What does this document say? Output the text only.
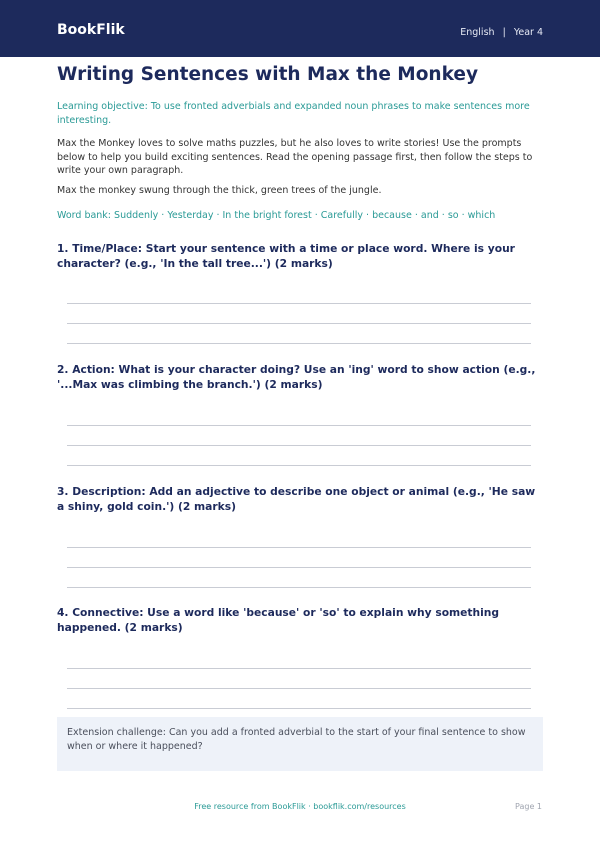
BookFlik	English | Year 4
Writing Sentences with Max the Monkey
Learning objective: To use fronted adverbials and expanded noun phrases to make sentences more interesting.
Max the Monkey loves to solve maths puzzles, but he also loves to write stories! Use the prompts below to help you build exciting sentences. Read the opening passage first, then follow the steps to write your own paragraph.
Max the monkey swung through the thick, green trees of the jungle.
Word bank: Suddenly · Yesterday · In the bright forest · Carefully · because · and · so · which
1. Time/Place: Start your sentence with a time or place word. Where is your character? (e.g., 'In the tall tree...') (2 marks)
2. Action: What is your character doing? Use an 'ing' word to show action (e.g., '...Max was climbing the branch.') (2 marks)
3. Description: Add an adjective to describe one object or animal (e.g., 'He saw a shiny, gold coin.') (2 marks)
4. Connective: Use a word like 'because' or 'so' to explain why something happened. (2 marks)
Extension challenge: Can you add a fronted adverbial to the start of your final sentence to show when or where it happened?
Free resource from BookFlik · bookflik.com/resources	Page 1
